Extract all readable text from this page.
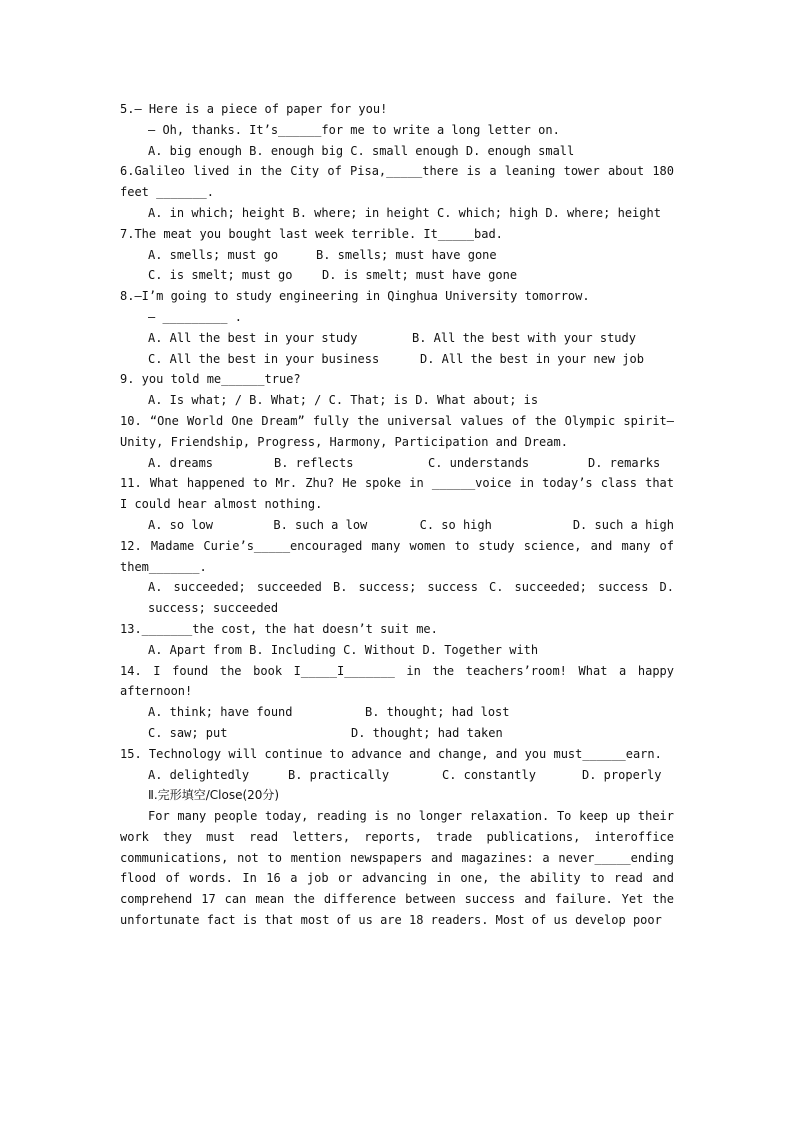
5.— Here is a piece of paper for you!

— Oh, thanks. It’s______for me to write a long letter on.

A. big enough B. enough big C. small enough D. enough small

6.Galileo lived in the City of Pisa,_____there is a leaning tower about 180 feet _______.

A. in which; height B. where; in height C. which; high D. where; height

7.The meat you bought last week terrible. It_____bad.

A. smells; must go	B. smells; must have gone
C. is smelt; must go	D. is smelt; must have gone

8.—I’m going to study engineering in Qinghua University tomorrow.

— _________ .

A. All the best in your study	B. All the best with your study
C. All the best in your business	D. All the best in your new job

9. you told me______true?

A. Is what; / B. What; / C. That; is D. What about; is

10. “One World One Dream” fully the universal values of the Olympic spirit— Unity, Friendship, Progress, Harmony, Participation and Dream.

A. dreams	B. reflects	C. understands	D. remarks

11. What happened to Mr. Zhu? He spoke in ______voice in today’s class that I could hear almost nothing.

A. so low	B. such a low	C. so high	D. such a high

12. Madame Curie’s_____encouraged many women to study science, and many of them_______.

A. succeeded; succeeded B. success; success C. succeeded; success D. success; succeeded

13._______the cost, the hat doesn’t suit me.

A. Apart from B. Including C. Without D. Together with

14. I found the book I_____I_______ in the teachers’room! What a happy afternoon!

A. think; have found	B. thought; had lost
C. saw; put	D. thought; had taken

15. Technology will continue to advance and change, and you must______earn.

A. delightedly	B. practically	C. constantly	D. properly

Ⅱ.完形填空/Close(20分)

For many people today, reading is no longer relaxation. To keep up their work they must read letters, reports, trade publications, interoffice communications, not to mention newspapers and magazines: a never_____ending flood of words. In 16 a job or advancing in one, the ability to read and comprehend 17 can mean the difference between success and failure. Yet the unfortunate fact is that most of us are 18 readers. Most of us develop poor
